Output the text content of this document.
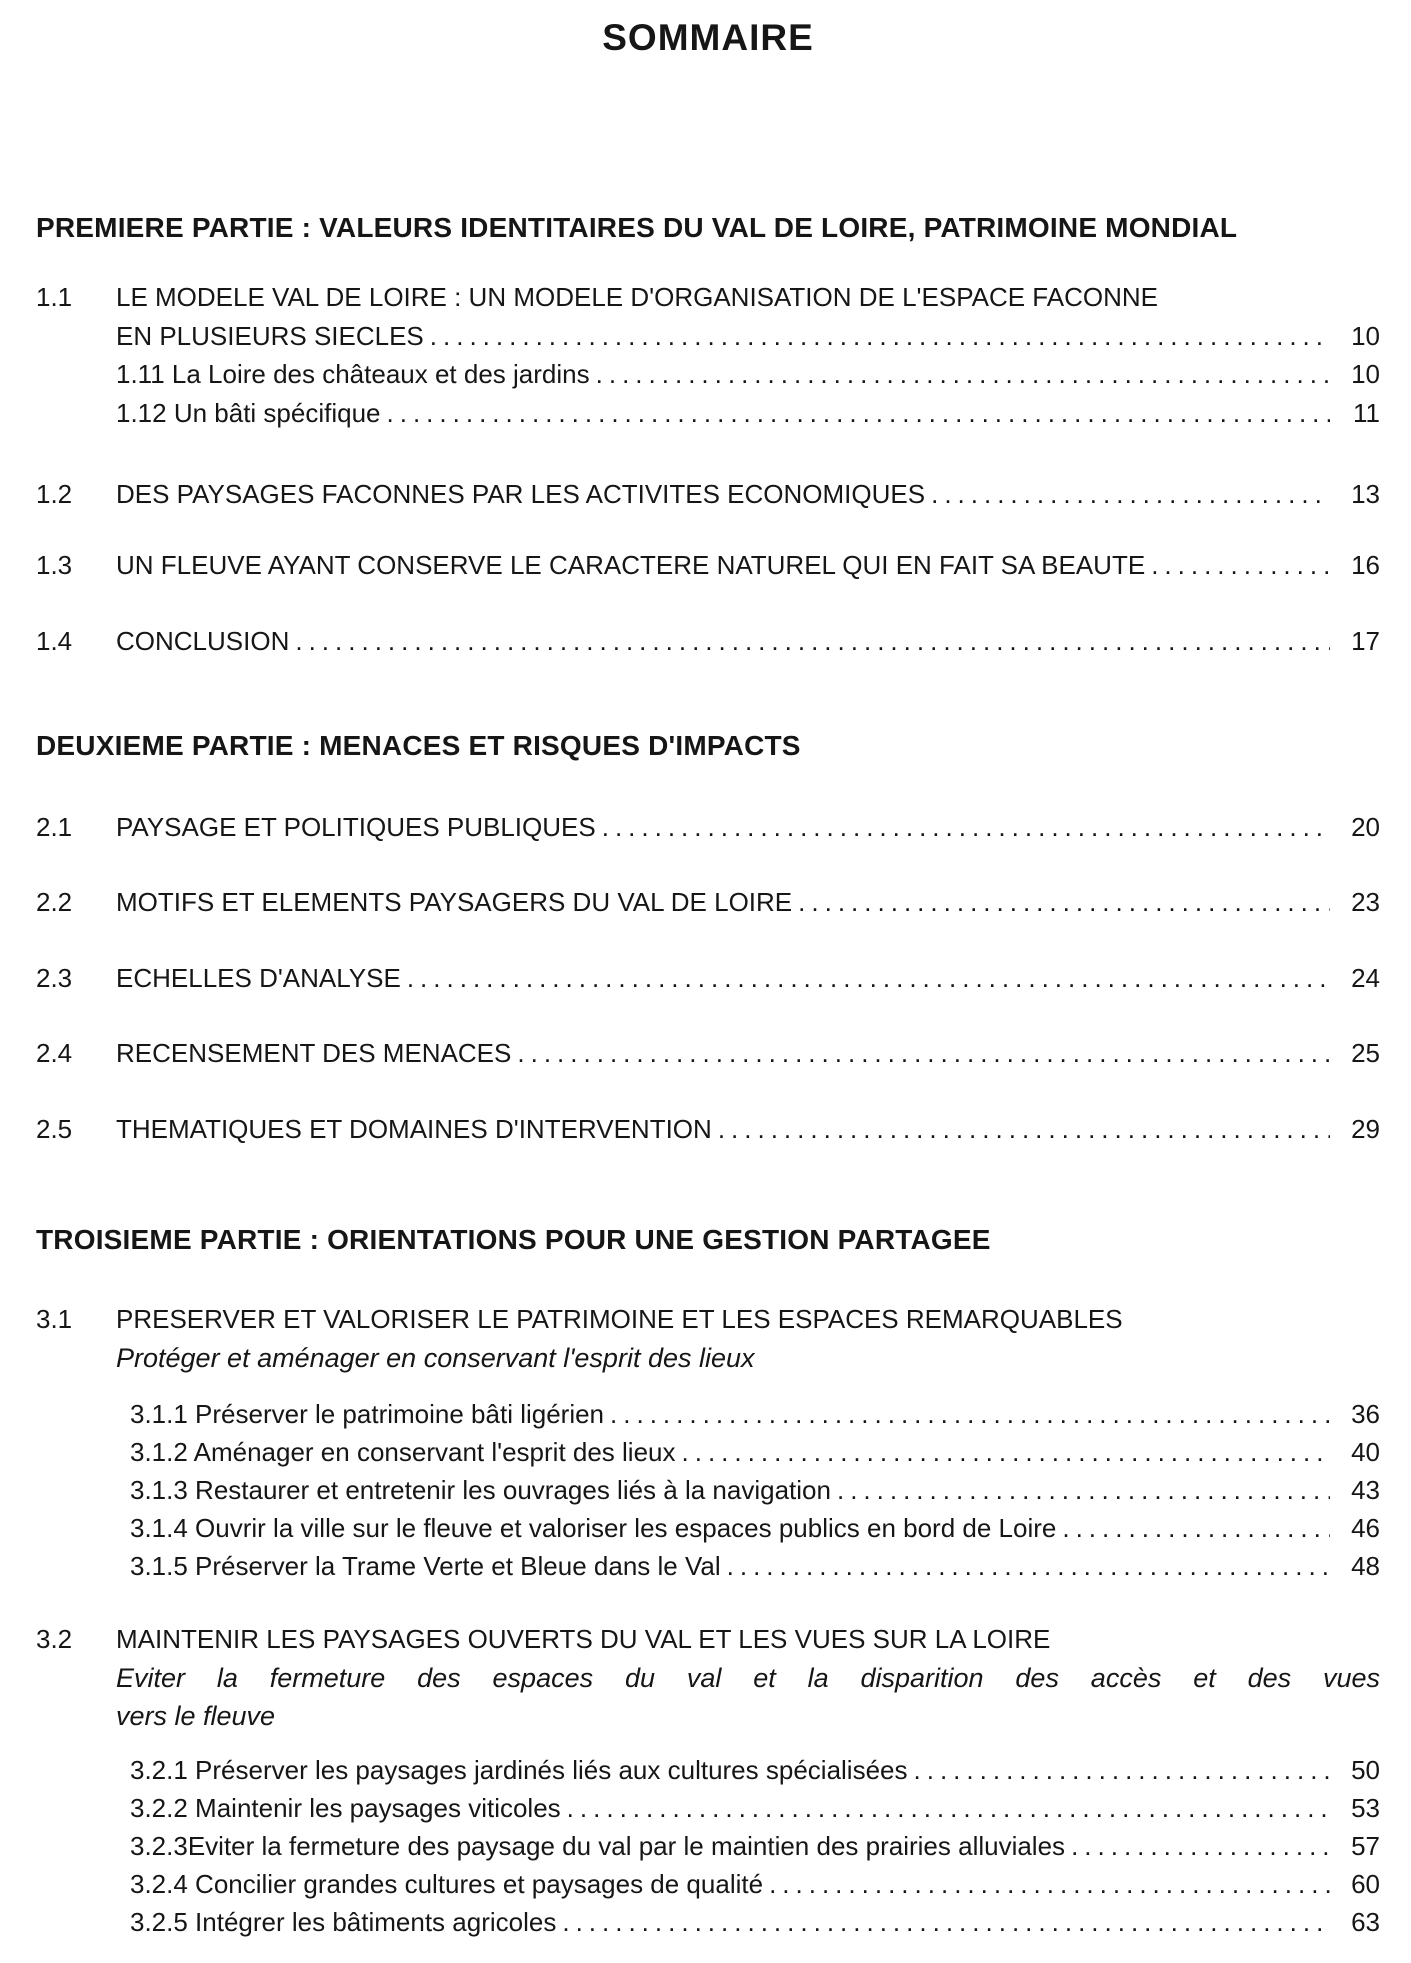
SOMMAIRE
PREMIERE PARTIE : VALEURS IDENTITAIRES DU VAL DE LOIRE, PATRIMOINE MONDIAL
1.1	LE MODELE VAL DE LOIRE : UN MODELE D'ORGANISATION DE L'ESPACE FACONNE
EN PLUSIEURS SIECLES .....	10
1.11 La Loire des châteaux et des jardins .....	10
1.12 Un bâti spécifique .....	11
1.2	DES PAYSAGES FACONNES PAR LES ACTIVITES ECONOMIQUES .....	13
1.3	UN FLEUVE AYANT CONSERVE LE CARACTERE NATUREL QUI EN FAIT SA BEAUTE .....	16
1.4	CONCLUSION .....	17
DEUXIEME PARTIE : MENACES ET RISQUES D'IMPACTS
2.1	PAYSAGE ET POLITIQUES PUBLIQUES .....	20
2.2	MOTIFS ET ELEMENTS PAYSAGERS DU VAL DE LOIRE .....	23
2.3	ECHELLES D'ANALYSE .....	24
2.4	RECENSEMENT DES MENACES .....	25
2.5	THEMATIQUES ET DOMAINES D'INTERVENTION .....	29
TROISIEME PARTIE : ORIENTATIONS POUR UNE GESTION PARTAGEE
3.1	PRESERVER ET VALORISER LE PATRIMOINE ET LES ESPACES REMARQUABLES
Protéger et aménager en conservant l'esprit des lieux
3.1.1 Préserver le patrimoine bâti ligérien .....	36
3.1.2 Aménager en conservant l'esprit des lieux .....	40
3.1.3 Restaurer et entretenir les ouvrages liés à la navigation .....	43
3.1.4 Ouvrir la ville sur le fleuve et valoriser les espaces publics en bord de Loire .....	46
3.1.5 Préserver la Trame Verte et Bleue dans le Val .....	48
3.2	MAINTENIR LES PAYSAGES OUVERTS DU VAL ET LES VUES SUR LA LOIRE
Eviter la fermeture des espaces du val et la disparition des accès et des vues
vers le fleuve
3.2.1 Préserver les paysages jardinés liés aux cultures spécialisées .....	50
3.2.2 Maintenir les paysages viticoles .....	53
3.2.3Eviter la fermeture des paysage du val par le maintien des prairies alluviales .....	57
3.2.4 Concilier grandes cultures et paysages de qualité .....	60
3.2.5 Intégrer les bâtiments agricoles .....	63
